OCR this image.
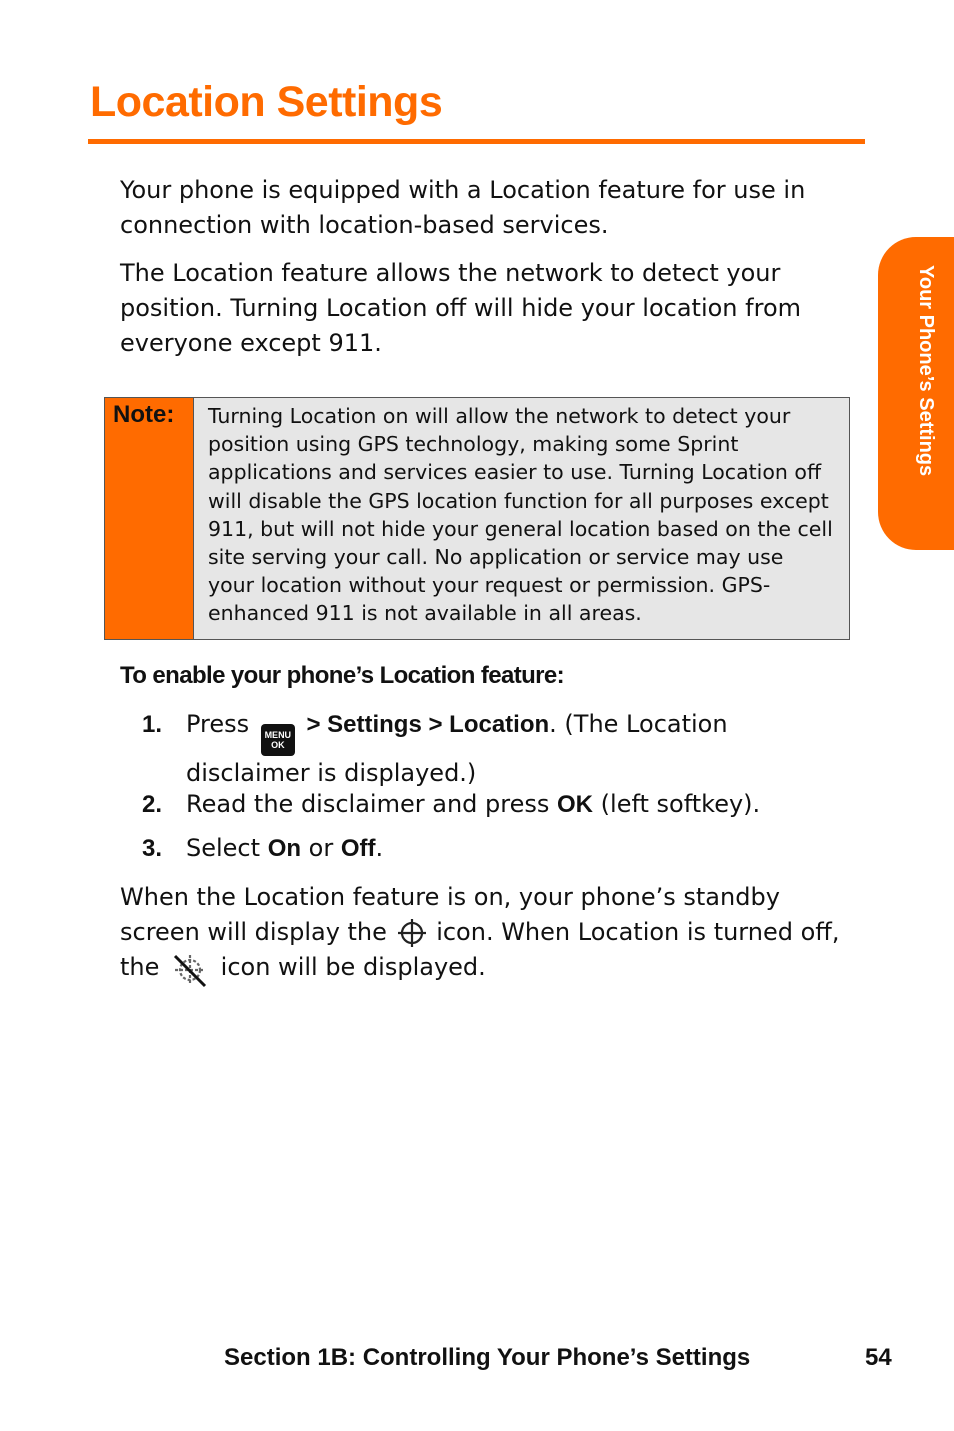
Location Settings

Your phone is equipped with a Location feature for use in connection with location-based services.

The Location feature allows the network to detect your position. Turning Location off will hide your location from everyone except 911.

Note:	Turning Location on will allow the network to detect your position using GPS technology, making some Sprint applications and services easier to use. Turning Location off will disable the GPS location function for all purposes except 911, but will not hide your general location based on the cell site serving your call. No application or service may use your location without your request or permission. GPS-enhanced 911 is not available in all areas.

To enable your phone’s Location feature:

1. Press MENU
OK
> Settings > Location. (The Location disclaimer is displayed.)
2. Read the disclaimer and press OK (left softkey).
3. Select On or Off.

When the Location feature is on, your phone’s standby screen will display the icon. When Location is turned off, the	icon will be displayed.

Your Phone’s Settings
Section 1B: Controlling Your Phone’s Settings	54
